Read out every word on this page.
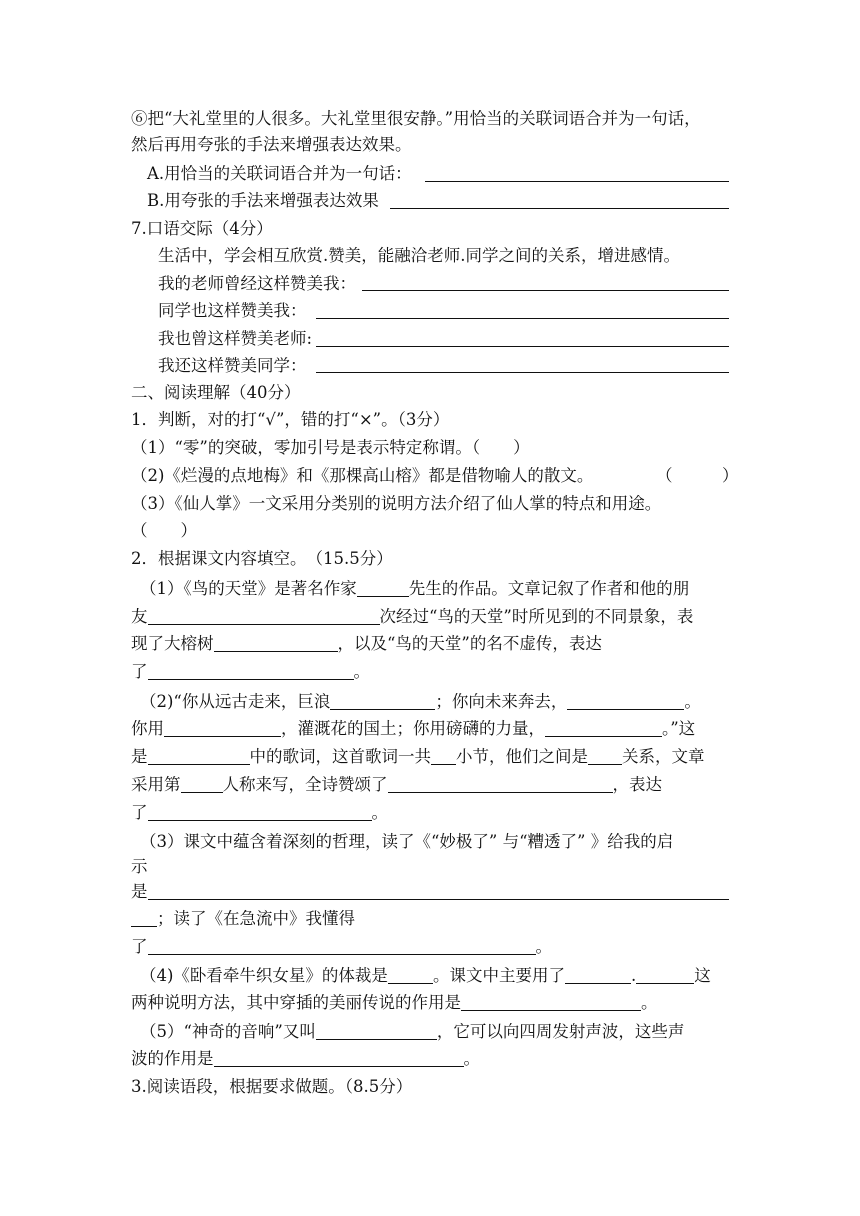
⑥把“大礼堂里的人很多。大礼堂里很安静。”用恰当的关联词语合并为一句话，
然后再用夸张的手法来增强表达效果。
A.用恰当的关联词语合并为一句话：
B.用夸张的手法来增强表达效果
7.口语交际（4分）
生活中，学会相互欣赏.赞美，能融洽老师.同学之间的关系，增进感情。
我的老师曾经这样赞美我：
同学也这样赞美我：
我也曾这样赞美老师:
我还这样赞美同学：
二、阅读理解（40分）
1．判断，对的打“√”，错的打“×”。（3分）
（1）“零”的突破，零加引号是表示特定称谓。（　　）
（2)《烂漫的点地梅》和《那棵高山榕》都是借物喻人的散文。	（　　　）
（3）《仙人掌》一文采用分类别的说明方法介绍了仙人掌的特点和用途。
（　　）
2．根据课文内容填空。　（15.5分）
（1）《鸟的天堂》是著名作家	先生的作品。文章记叙了作者和他的朋
友	次经过“鸟的天堂”时所见到的不同景象，表
现了大榕树	，以及“鸟的天堂”的名不虚传，表达
了	。
（2)“你从远古走来，巨浪	；你向未来奔去，	。
你用	，灌溉花的国土；你用磅礴的力量，	。”这
是	中的歌词，这首歌词一共 小节，他们之间是 关系，文章
采用第	人称来写，全诗赞颂了	，表达
了	。
（3）课文中蕴含着深刻的哲理，读了《“妙极了” 与“糟透了” 》给我的启
示
是
；读了《在急流中》我懂得
了	。
（4)《卧看牵牛织女星》的体裁是	。课文中主要用了	.	这
两种说明方法，其中穿插的美丽传说的作用是	。
（5）“神奇的音响”又叫	，它可以向四周发射声波，这些声
波的作用是	。
3.阅读语段，根据要求做题。（8.5分）
